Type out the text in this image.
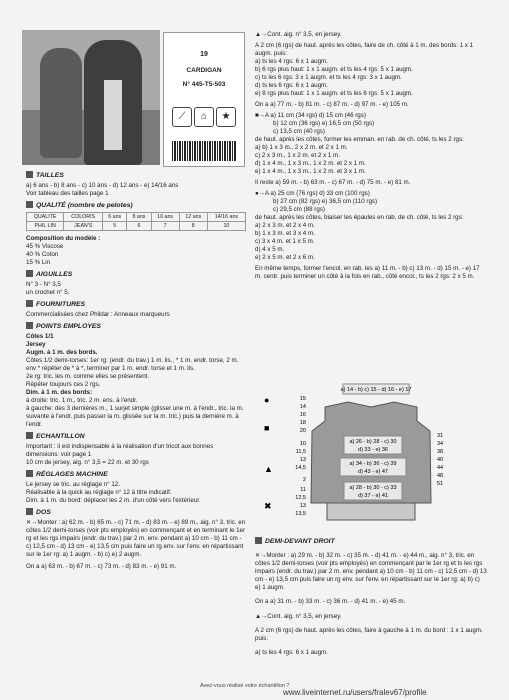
19
CARDIGAN
N° 445-T5-503
⟋	⌂	★
TAILLES

a) 6 ans - b) 8 ans - c) 10 ans - d) 12 ans - e) 14/16 ans

Voir tableau des tailles page 1

QUALITÉ (nombre de pelotes)
QUALITE	COLORIS	6 ans	8 ans	10 ans	12 ans	14/16 ans
PHIL LIN	JEAN'S	5	6	7	8	10

Composition du modèle :

45 % Viscose

40 % Coton

15 % Lin

AIGUILLES

N° 3 - N° 3,5

un crochet n° 5.

FOURNITURES

Commercialisées chez Phildar : Anneaux marqueurs

POINTS EMPLOYES

Côtes 1/1

Jersey

Augm. à 1 m. des bords.

Côtes 1/2 demi-torses: 1er rg: (endr. du trav.) 1 m. lis., * 1 m. endr. torse, 2 m. env * répéter de * à *, terminer par 1 m. endr. torse et 1 m. lis.

2e rg: tric. les m. comme elles se présentent.

Répéter toujours ces 2 rgs.

Dim. à 1 m. des bords:

à droite: tric. 1 m., tric. 2 m. ens. à l'endr.

à gauche: des 3 dernières m., 1 surjet simple (glisser une m. à l'endr., tric. la m. suivante à l'endr. puis passer la m. glissée sur la m. tric.) puis la dernière m. à l'endr.

ECHANTILLON

Important : il est indispensable à la réalisation d'un tricot aux bonnes dimensions: voir page 1

10 cm de jersey, aig. n° 3,5 = 22 m. et 30 rgs

RÉGLAGES MACHINE

Le jersey se tric. au réglage n° 12.

Réalisable à la quick au réglage n° 12 à titre indicatif.

Dim. à 1 m. du bord: déplacer les 2 m. d'un côté vers l'extérieur.

DOS

✕→Monter : a) 62 m. - b) 65 m. - c) 71 m. - d) 83 m. - e) 89 m., aig. n° 3, tric. en côtes 1/2 demi-torses (voir pts employés) en commençant et en terminant le 1er rg et les rgs impairs (endr. du trav.) par 2 m. env. pendant a) 10 cm - b) 11 cm - c) 12,5 cm - d) 13 cm - e) 13,5 cm puis faire un rg env. sur l'env. en répartissant sur le 1er rg: a) 1 augm. - b) c) e) 2 augm.

On a a) 63 m. - b) 67 m. - c) 73 m. - d) 83 m. - e) 91 m.

▲→Cont. aig. n° 3,5, en jersey.

A 2 cm (6 rgs) de haut. après les côtes, faire de ch. côté à 1 m. des bords: 1 x 1 augm. puis:

a) ts les 4 rgs: 6 x 1 augm.

b) 6 rgs plus haut: 1 x 1 augm. et ts les 4 rgs: 5 x 1 augm.

c) ts les 6 rgs: 3 x 1 augm. et ts les 4 rgs: 3 x 1 augm.

d) ts les 6 rgs: 6 x 1 augm.

e) 8 rgs plus haut: 1 x 1 augm. et ts les 6 rgs: 5 x 1 augm.

On a a) 77 m. - b) 81 m. - c) 87 m. - d) 97 m. - e) 105 m.

■→A a) 11 cm (34 rgs) d) 15 cm (46 rgs)

b) 12 cm (36 rgs) e) 16,5 cm (50 rgs)

c) 13,5 cm (40 rgs)

de haut. après les côtes, former les emman. en rab. de ch. côté, ts les 2 rgs:

a) b) 1 x 3 m., 2 x 2 m. et 2 x 1 m.

c) 2 x 3 m., 1 x 2 m. et 2 x 1 m.

d) 1 x 4 m., 1 x 3 m., 1 x 2 m. et 2 x 1 m.

e) 1 x 4 m., 1 x 3 m., 1 x 2 m. et 3 x 1 m.

Il reste a) 59 m. - b) 63 m. - c) 67 m. - d) 75 m. - e) 81 m.

●→A a) 25 cm (76 rgs) d) 33 cm (100 rgs)

b) 27 cm (82 rgs) e) 36,5 cm (110 rgs)

c) 29,5 cm (88 rgs)

de haut. après les côtes, biaiser les épaules en rab. de ch. côté, ts les 2 rgs:

a) 2 x 3 m. et 2 x 4 m.

b) 1 x 3 m. et 3 x 4 m.

c) 3 x 4 m. et 1 x 5 m.

d) 4 x 5 m.

e) 2 x 5 m. et 2 x 6 m.

En même temps, former l'encol. en rab. les a) 11 m. - b) c) 13 m. - d) 15 m. - e) 17 m. centr. puis terminer un côté à la fois en rab., côté encol., ts les 2 rgs: 2 x 5 m.

●
■
▲
✖
a) 14 - b) c) 15 - d) 16 - e) 17
a) 26 - b) 28 - c) 30
d) 33 - e) 36
a) 34 - b) 36 - c) 39
d) 43 - e) 47
a) 28 - b) 30 - c) 33
d) 37 - e) 41
15
14
16
18
20
10
11,5
13
14,5
2
11
12,5
13
13,5
31
34
38
40
44
48
51
DEMI-DEVANT DROIT

✕→Monter : a) 29 m. - b) 32 m. - c) 35 m. - d) 41 m. - e) 44 m., aig. n° 3, tric. en côtes 1/2 demi-torses (voir pts employés) en commençant par le 1er rg et ts les rgs impairs (endr. du trav.) par 2 m. env. pendant a) 10 cm - b) 11 cm - c) 12,5 cm - d) 13 cm - e) 13,5 cm puis faire un rg env. sur l'env. en répartissant sur le 1er rg: a) b) c) e) 1 augm.

On a a) 31 m. - b) 33 m. - c) 36 m. - d) 41 m. - e) 45 m.

▲→Cont. aig. n° 3,5, en jersey.

A 2 cm (6 rgs) de haut. après les côtes, faire à gauche à 1 m. du bord : 1 x 1 augm. puis:

a) ts les 4 rgs: 6 x 1 augm.

Avez-vous réalisé votre échantillon ?
www.liveinternet.ru/users/fralev67/profile
